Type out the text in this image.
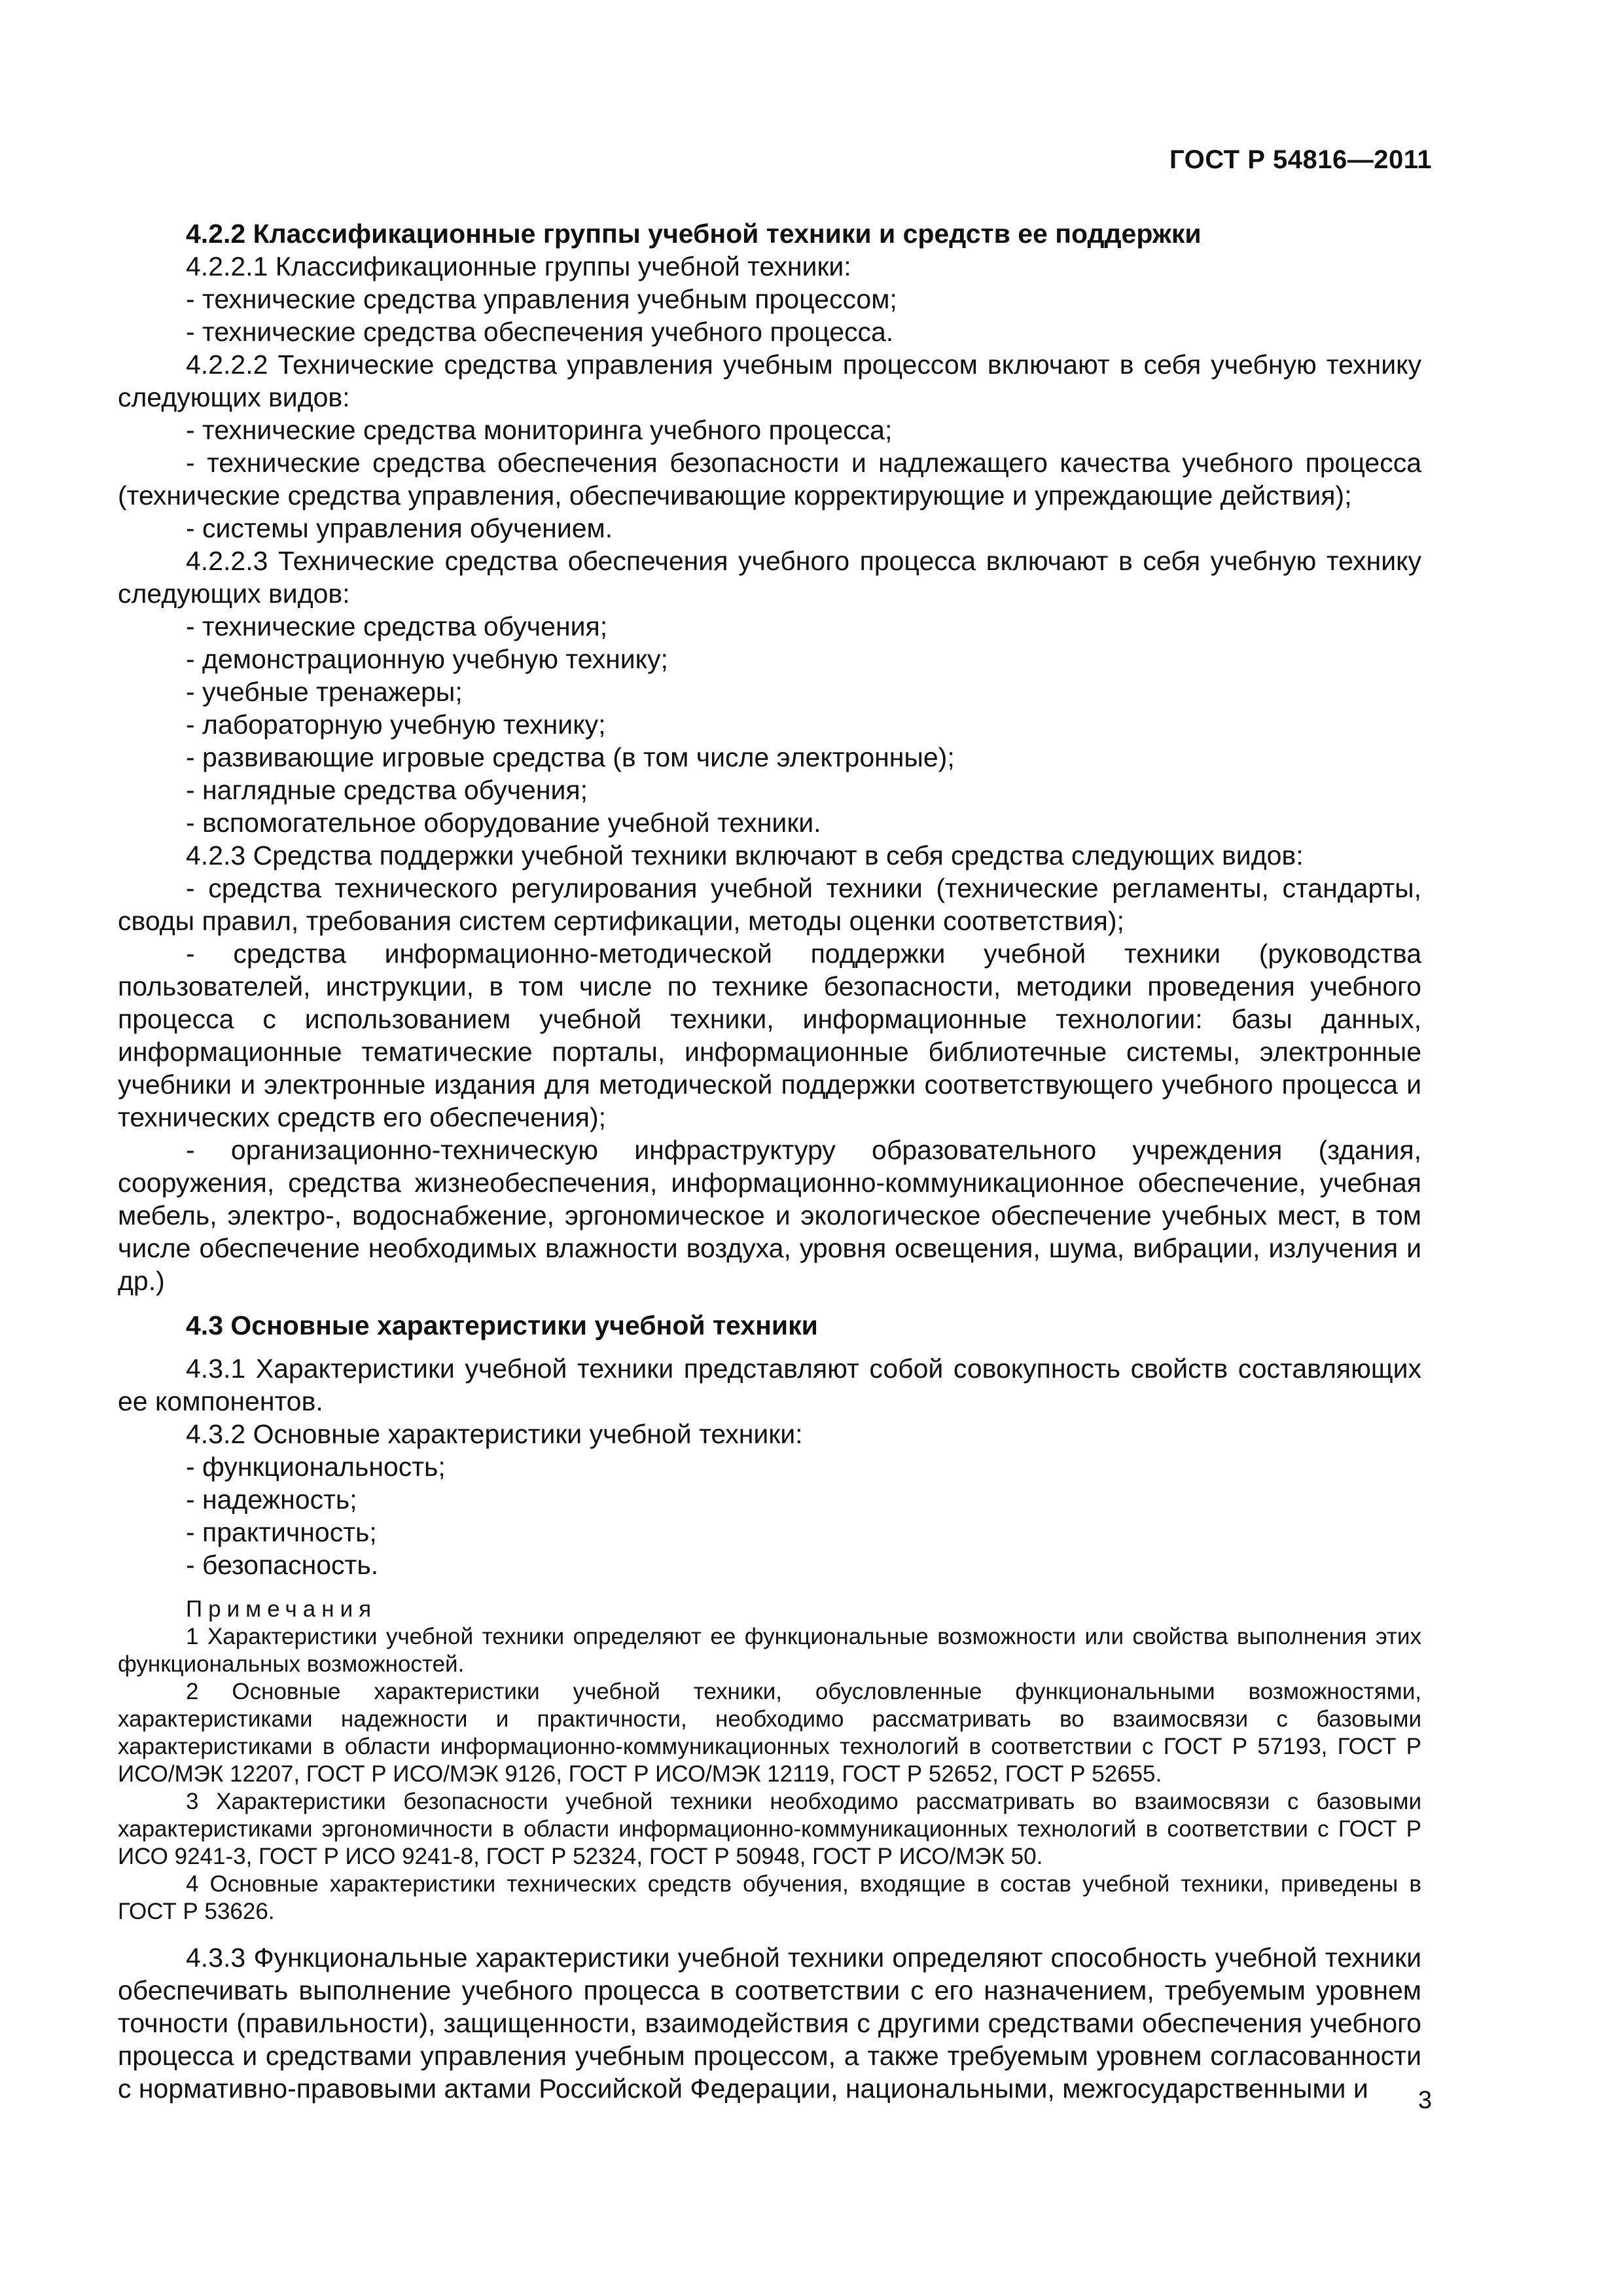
ГОСТ Р 54816—2011

4.2.2 Классификационные группы учебной техники и средств ее поддержки

4.2.2.1 Классификационные группы учебной техники:

- технические средства управления учебным процессом;

- технические средства обеспечения учебного процесса.

4.2.2.2 Технические средства управления учебным процессом включают в себя учебную технику следующих видов:

- технические средства мониторинга учебного процесса;

- технические средства обеспечения безопасности и надлежащего качества учебного процесса (технические средства управления, обеспечивающие корректирующие и упреждающие действия);

- системы управления обучением.

4.2.2.3 Технические средства обеспечения учебного процесса включают в себя учебную технику следующих видов:

- технические средства обучения;

- демонстрационную учебную технику;

- учебные тренажеры;

- лабораторную учебную технику;

- развивающие игровые средства (в том числе электронные);

- наглядные средства обучения;

- вспомогательное оборудование учебной техники.

4.2.3 Средства поддержки учебной техники включают в себя средства следующих видов:

- средства технического регулирования учебной техники (технические регламенты, стандарты, своды правил, требования систем сертификации, методы оценки соответствия);

- средства информационно-методической поддержки учебной техники (руководства пользователей, инструкции, в том числе по технике безопасности, методики проведения учебного процесса с использованием учебной техники, информационные технологии: базы данных, информационные тематические порталы, информационные библиотечные системы, электронные учебники и электронные издания для методической поддержки соответствующего учебного процесса и технических средств его обеспечения);

- организационно-техническую инфраструктуру образовательного учреждения (здания, сооружения, средства жизнеобеспечения, информационно-коммуникационное обеспечение, учебная мебель, электро-, водоснабжение, эргономическое и экологическое обеспечение учебных мест, в том числе обеспечение необходимых влажности воздуха, уровня освещения, шума, вибрации, излучения и др.)

4.3 Основные характеристики учебной техники

4.3.1 Характеристики учебной техники представляют собой совокупность свойств составляющих ее компонентов.

4.3.2 Основные характеристики учебной техники:

- функциональность;

- надежность;

- практичность;

- безопасность.

Примечания

1 Характеристики учебной техники определяют ее функциональные возможности или свойства выполнения этих функциональных возможностей.

2 Основные характеристики учебной техники, обусловленные функциональными возможностями, характеристиками надежности и практичности, необходимо рассматривать во взаимосвязи с базовыми характеристиками в области информационно-коммуникационных технологий в соответствии с ГОСТ Р 57193, ГОСТ Р ИСО/МЭК 12207, ГОСТ Р ИСО/МЭК 9126, ГОСТ Р ИСО/МЭК 12119, ГОСТ Р 52652, ГОСТ Р 52655.

3 Характеристики безопасности учебной техники необходимо рассматривать во взаимосвязи с базовыми характеристиками эргономичности в области информационно-коммуникационных технологий в соответствии с ГОСТ Р ИСО 9241-3, ГОСТ Р ИСО 9241-8, ГОСТ Р 52324, ГОСТ Р 50948, ГОСТ Р ИСО/МЭК 50.

4 Основные характеристики технических средств обучения, входящие в состав учебной техники, приведены в ГОСТ Р 53626.

4.3.3 Функциональные характеристики учебной техники определяют способность учебной техники обеспечивать выполнение учебного процесса в соответствии с его назначением, требуемым уровнем точности (правильности), защищенности, взаимодействия с другими средствами обеспечения учебного процесса и средствами управления учебным процессом, а также требуемым уровнем согласованности с нормативно-правовыми актами Российской Федерации, национальными, межгосударственными и	3
